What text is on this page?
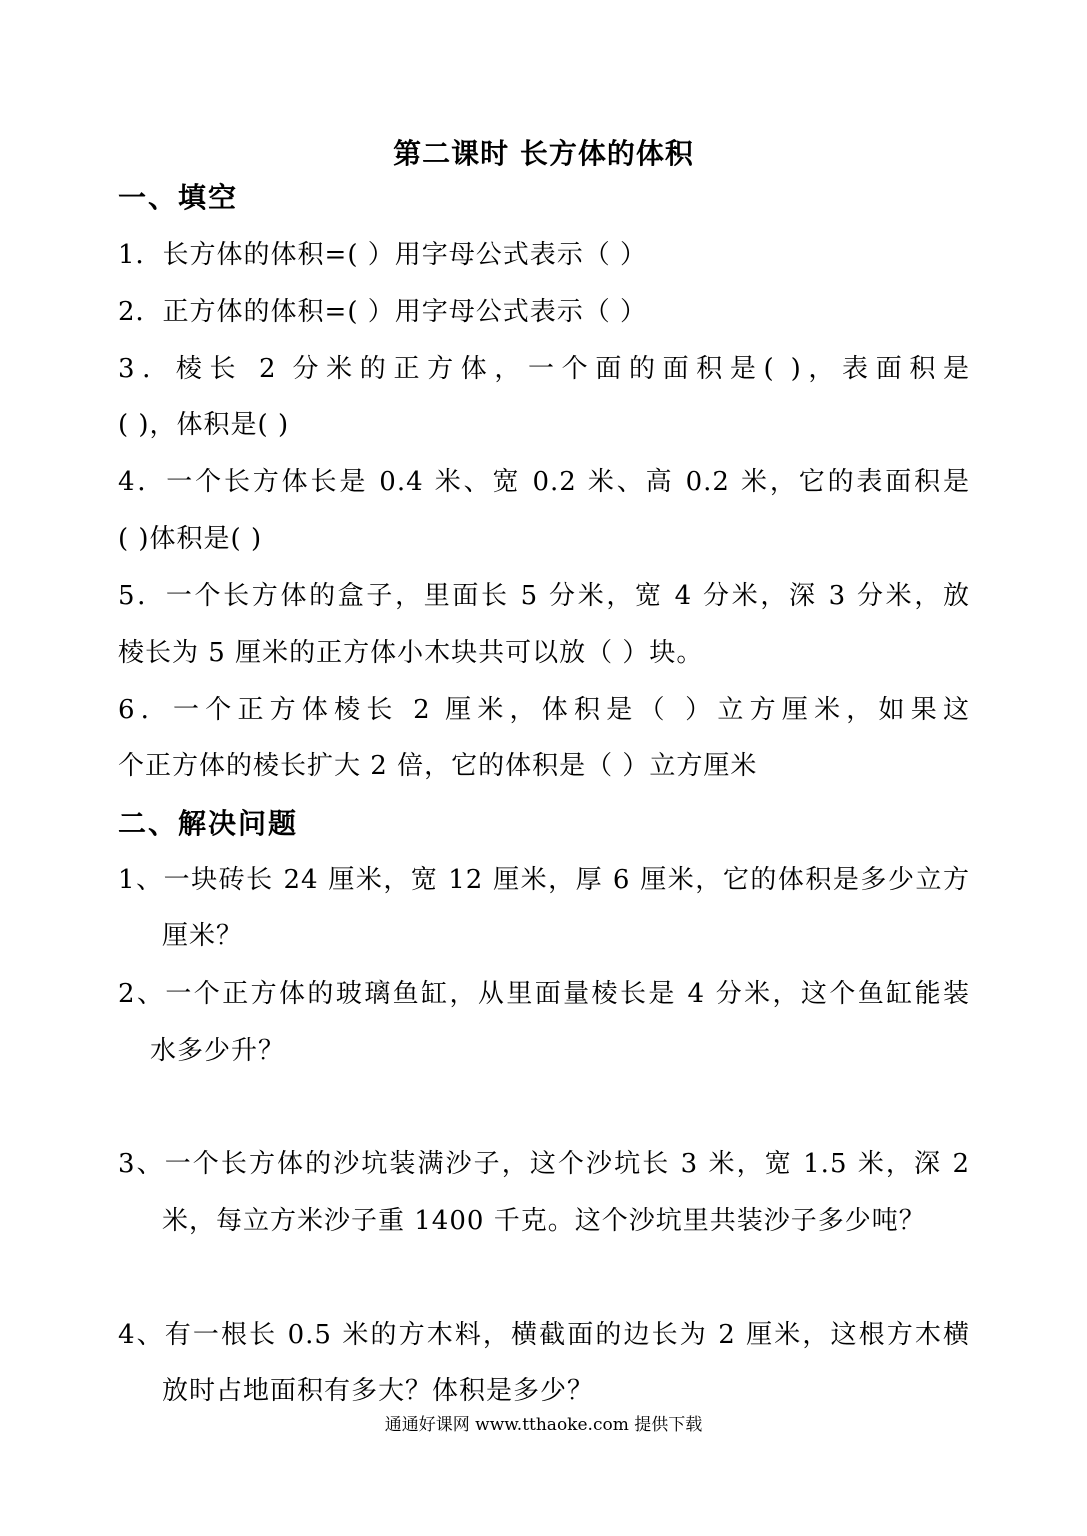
第二课时 长方体的体积
一、填空
1．长方体的体积=( ）用字母公式表示（ ）
2．正方体的体积=( ）用字母公式表示（ ）
3．棱长 2 分米的正方体，一个面的面积是( )，表面积是
( )，体积是( )
4．一个长方体长是 0.4 米、宽 0.2 米、高 0.2 米，它的表面积是
( )体积是( )
5．一个长方体的盒子，里面长 5 分米，宽 4 分米，深 3 分米，放
棱长为 5 厘米的正方体小木块共可以放（ ）块。
6．一个正方体棱长 2 厘米，体积是（ ）立方厘米，如果这
个正方体的棱长扩大 2 倍，它的体积是（ ）立方厘米
二、解决问题
1、一块砖长 24 厘米，宽 12 厘米，厚 6 厘米，它的体积是多少立方
厘米？
2、一个正方体的玻璃鱼缸，从里面量棱长是 4 分米，这个鱼缸能装
水多少升？
3、一个长方体的沙坑装满沙子，这个沙坑长 3 米，宽 1.5 米，深 2
米，每立方米沙子重 1400 千克。这个沙坑里共装沙子多少吨？
4、有一根长 0.5 米的方木料，横截面的边长为 2 厘米，这根方木横
放时占地面积有多大？体积是多少？
通通好课网 www.tthaoke.com 提供下载
